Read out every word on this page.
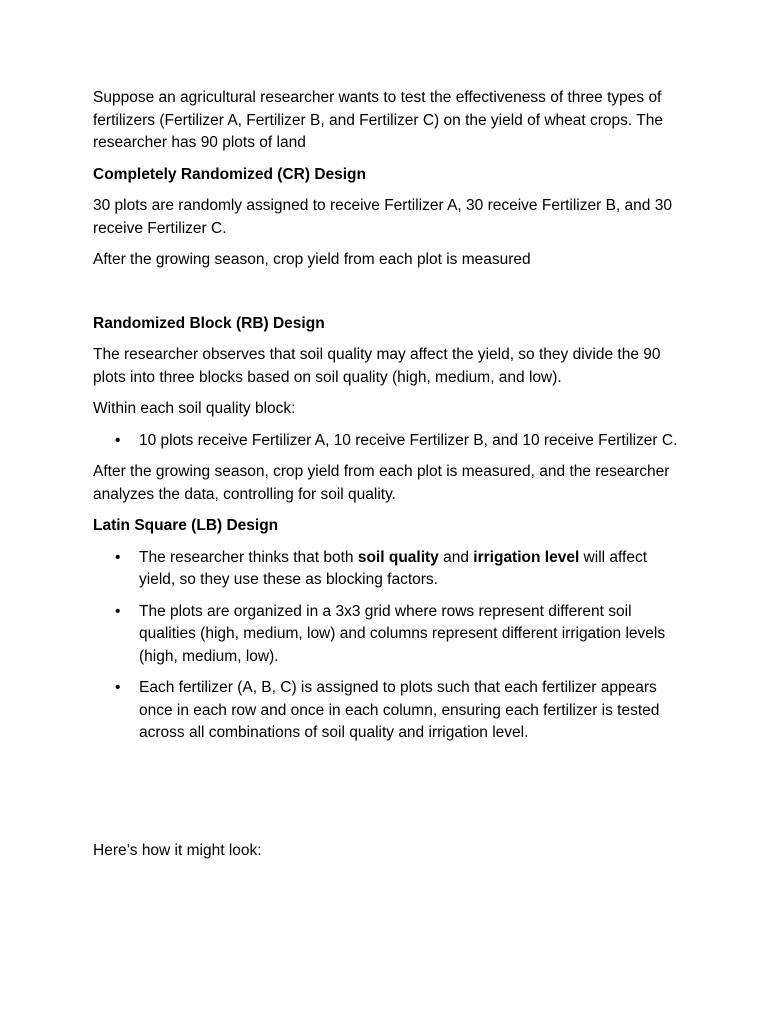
Suppose an agricultural researcher wants to test the effectiveness of three types of fertilizers (Fertilizer A, Fertilizer B, and Fertilizer C) on the yield of wheat crops. The researcher has 90 plots of land

Completely Randomized (CR) Design

30 plots are randomly assigned to receive Fertilizer A, 30 receive Fertilizer B, and 30 receive Fertilizer C.

After the growing season, crop yield from each plot is measured

Randomized Block (RB) Design

The researcher observes that soil quality may affect the yield, so they divide the 90 plots into three blocks based on soil quality (high, medium, and low).

Within each soil quality block:

• 10 plots receive Fertilizer A, 10 receive Fertilizer B, and 10 receive Fertilizer C.

After the growing season, crop yield from each plot is measured, and the researcher analyzes the data, controlling for soil quality.

Latin Square (LB) Design

• The researcher thinks that both soil quality and irrigation level will affect yield, so they use these as blocking factors.
• The plots are organized in a 3x3 grid where rows represent different soil qualities (high, medium, low) and columns represent different irrigation levels (high, medium, low).
• Each fertilizer (A, B, C) is assigned to plots such that each fertilizer appears once in each row and once in each column, ensuring each fertilizer is tested across all combinations of soil quality and irrigation level.

Here’s how it might look:
